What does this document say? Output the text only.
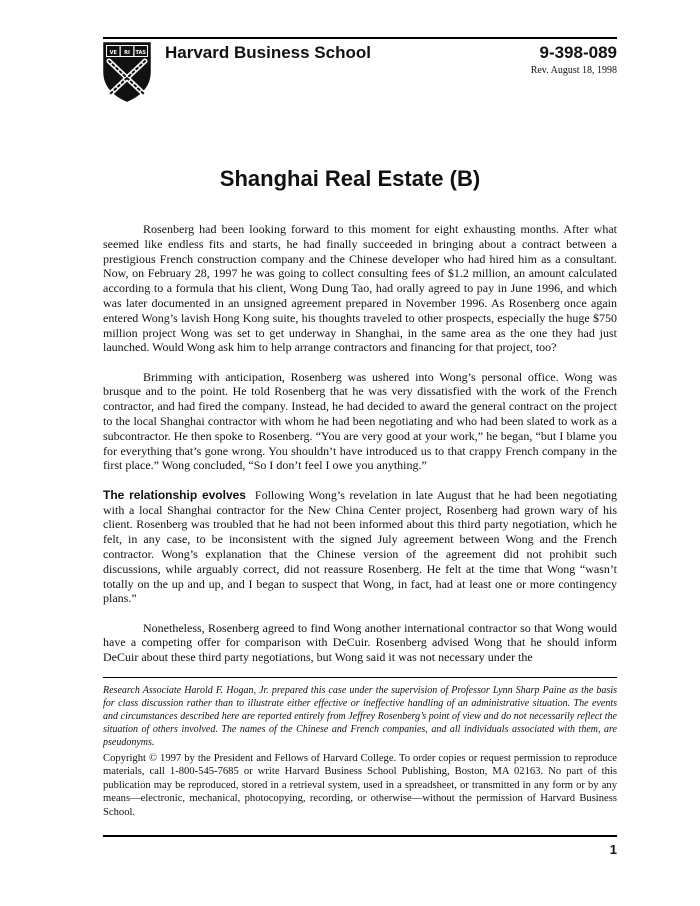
VE RI TAS Harvard Business School	9-398-089
Rev. August 18, 1998
Shanghai Real Estate (B)

Rosenberg had been looking forward to this moment for eight exhausting months. After what seemed like endless fits and starts, he had finally succeeded in bringing about a contract between a prestigious French construction company and the Chinese developer who had hired him as a consultant. Now, on February 28, 1997 he was going to collect consulting fees of $1.2 million, an amount calculated according to a formula that his client, Wong Dung Tao, had orally agreed to pay in June 1996, and which was later documented in an unsigned agreement prepared in November 1996. As Rosenberg once again entered Wong’s lavish Hong Kong suite, his thoughts traveled to other prospects, especially the huge $750 million project Wong was set to get underway in Shanghai, in the same area as the one they had just launched. Would Wong ask him to help arrange contractors and financing for that project, too?

Brimming with anticipation, Rosenberg was ushered into Wong’s personal office. Wong was brusque and to the point. He told Rosenberg that he was very dissatisfied with the work of the French contractor, and had fired the company. Instead, he had decided to award the general contract on the project to the local Shanghai contractor with whom he had been negotiating and who had been slated to work as a subcontractor. He then spoke to Rosenberg. “You are very good at your work,” he began, “but I blame you for everything that’s gone wrong. You shouldn’t have introduced us to that crappy French company in the first place.” Wong concluded, “So I don’t feel I owe you anything.”

The relationship evolves Following Wong’s revelation in late August that he had been negotiating with a local Shanghai contractor for the New China Center project, Rosenberg had grown wary of his client. Rosenberg was troubled that he had not been informed about this third party negotiation, which he felt, in any case, to be inconsistent with the signed July agreement between Wong and the French contractor. Wong’s explanation that the Chinese version of the agreement did not prohibit such discussions, while arguably correct, did not reassure Rosenberg. He felt at the time that Wong “wasn’t totally on the up and up, and I began to suspect that Wong, in fact, had at least one or more contingency plans.”

Nonetheless, Rosenberg agreed to find Wong another international contractor so that Wong would have a competing offer for comparison with DeCuir. Rosenberg advised Wong that he should inform DeCuir about these third party negotiations, but Wong said it was not necessary under the

Research Associate Harold F. Hogan, Jr. prepared this case under the supervision of Professor Lynn Sharp Paine as the basis for class discussion rather than to illustrate either effective or ineffective handling of an administrative situation. The events and circumstances described here are reported entirely from Jeffrey Rosenberg’s point of view and do not necessarily reflect the situation of others involved. The names of the Chinese and French companies, and all individuals associated with them, are pseudonyms.

Copyright © 1997 by the President and Fellows of Harvard College. To order copies or request permission to reproduce materials, call 1-800-545-7685 or write Harvard Business School Publishing, Boston, MA 02163. No part of this publication may be reproduced, stored in a retrieval system, used in a spreadsheet, or transmitted in any form or by any means—electronic, mechanical, photocopying, recording, or otherwise—without the permission of Harvard Business School.

1
